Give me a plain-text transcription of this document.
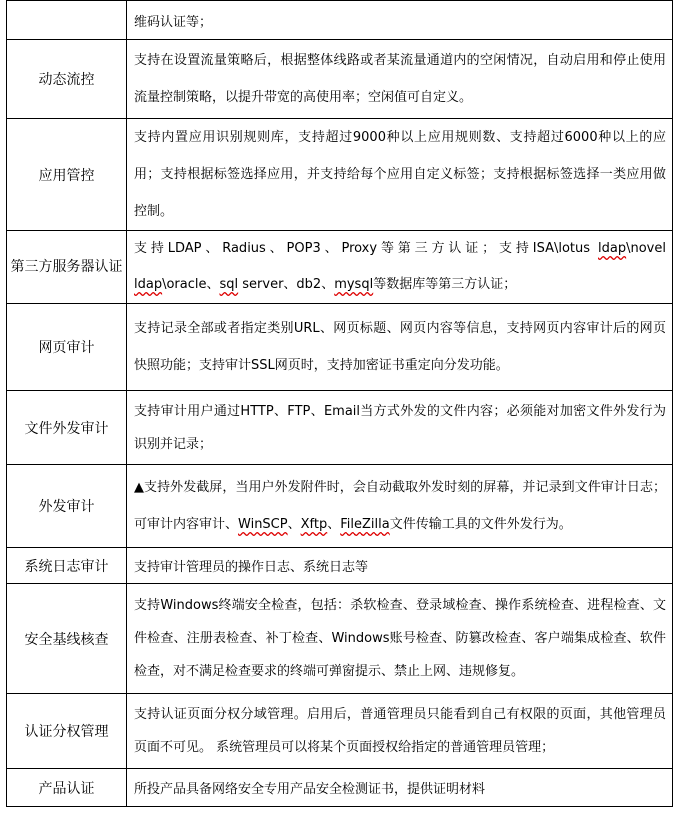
	维码认证等；
动态流控	支持在设置流量策略后，根据整体线路或者某流量通道内的空闲情况，自动启用和停止使用流量控制策略，以提升带宽的高使用率；空闲值可自定义。
应用管控	支持内置应用识别规则库，支持超过9000种以上应用规则数、支持超过6000种以上的应用；支持根据标签选择应用，并支持给每个应用自定义标签；支持根据标签选择一类应用做控制。
第三方服务器认证	支持LDAP、Radius、POP3、Proxy等第三方认证；支持ISA\lotus ldap\novel ldap\oracle、sql server、db2、mysql等数据库等第三方认证；
网页审计	支持记录全部或者指定类别URL、网页标题、网页内容等信息，支持网页内容审计后的网页快照功能；支持审计SSL网页时，支持加密证书重定向分发功能。
文件外发审计	支持审计用户通过HTTP、FTP、Email当方式外发的文件内容；必须能对加密文件外发行为识别并记录；
外发审计	▲支持外发截屏，当用户外发附件时，会自动截取外发时刻的屏幕，并记录到文件审计日志；可审计内容审计、WinSCP、Xftp、FileZilla文件传输工具的文件外发行为。
系统日志审计	支持审计管理员的操作日志、系统日志等
安全基线核查	支持Windows终端安全检查，包括：杀软检查、登录域检查、操作系统检查、进程检查、文件检查、注册表检查、补丁检查、Windows账号检查、防篡改检查、客户端集成检查、软件检查，对不满足检查要求的终端可弹窗提示、禁止上网、违规修复。
认证分权管理	支持认证页面分权分域管理。启用后，普通管理员只能看到自己有权限的页面，其他管理员页面不可见。 系统管理员可以将某个页面授权给指定的普通管理员管理；
产品认证	所投产品具备网络安全专用产品安全检测证书，提供证明材料
